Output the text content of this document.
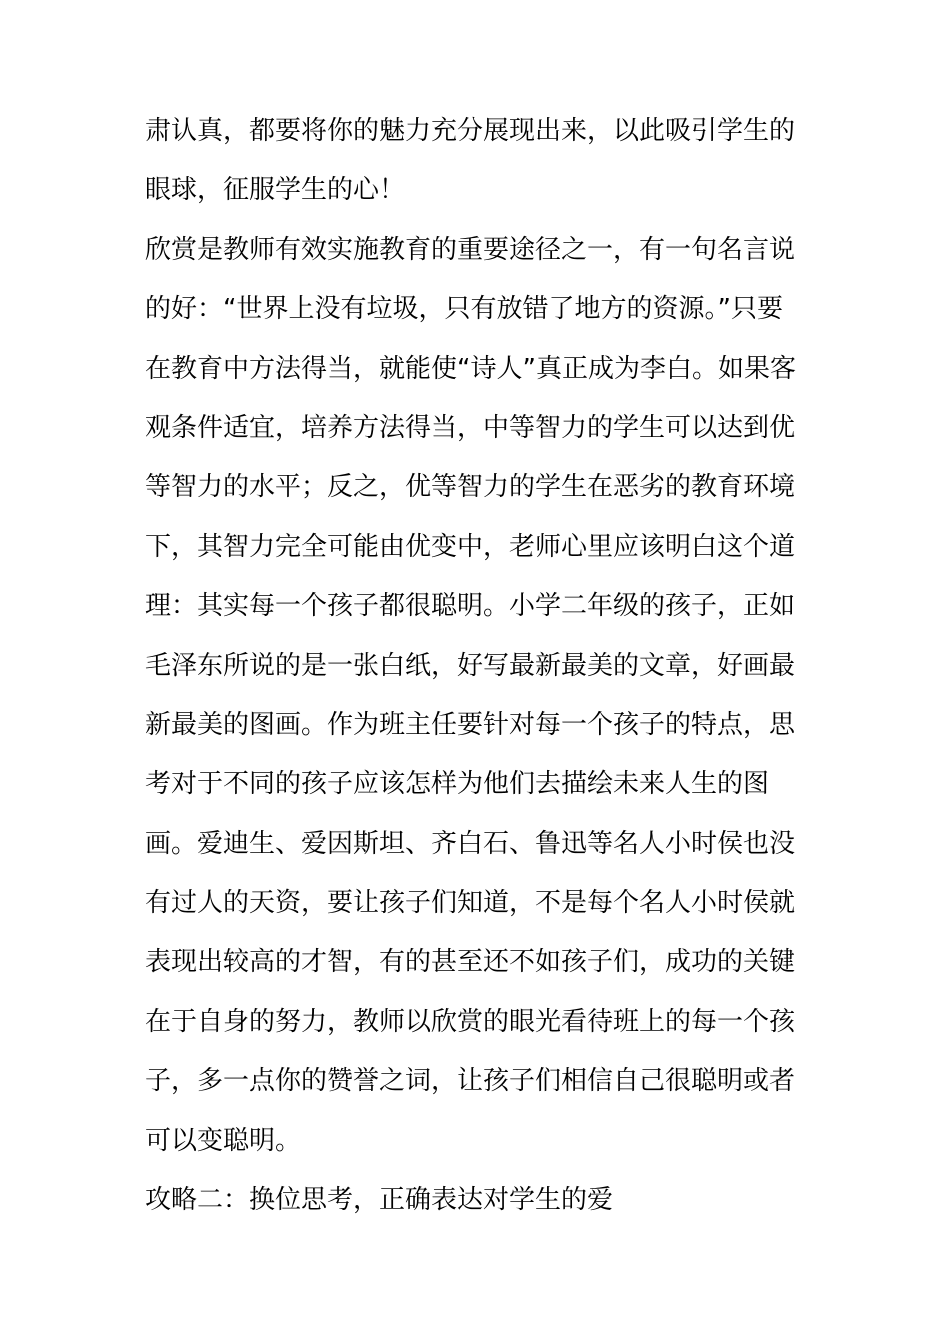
肃认真，都要将你的魅力充分展现出来，以此吸引学生的
眼球，征服学生的心！
欣赏是教师有效实施教育的重要途径之一，有一句名言说
的好：“世界上没有垃圾，只有放错了地方的资源。”只要
在教育中方法得当，就能使“诗人”真正成为李白。如果客
观条件适宜，培养方法得当，中等智力的学生可以达到优
等智力的水平；反之，优等智力的学生在恶劣的教育环境
下，其智力完全可能由优变中，老师心里应该明白这个道
理：其实每一个孩子都很聪明。小学二年级的孩子，正如
毛泽东所说的是一张白纸，好写最新最美的文章，好画最
新最美的图画。作为班主任要针对每一个孩子的特点，思
考对于不同的孩子应该怎样为他们去描绘未来人生的图
画。爱迪生、爱因斯坦、齐白石、鲁迅等名人小时侯也没
有过人的天资，要让孩子们知道，不是每个名人小时侯就
表现出较高的才智，有的甚至还不如孩子们，成功的关键
在于自身的努力，教师以欣赏的眼光看待班上的每一个孩
子，多一点你的赞誉之词，让孩子们相信自己很聪明或者
可以变聪明。
攻略二：换位思考，正确表达对学生的爱
